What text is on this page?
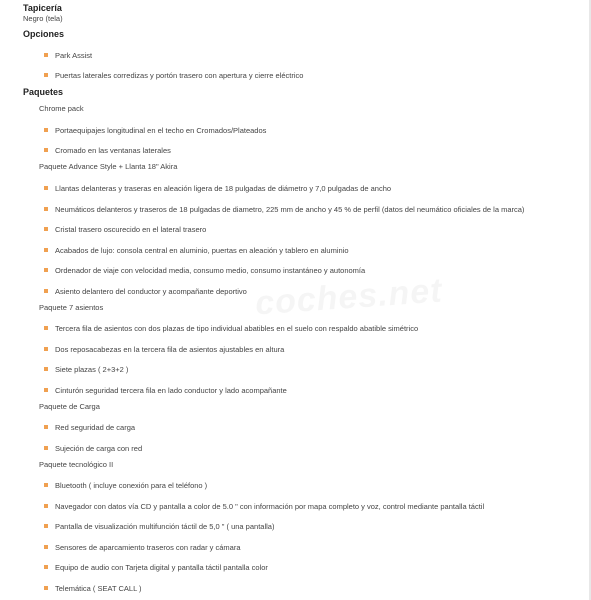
Tapicería
Negro (tela)
Opciones
Park Assist
Puertas laterales corredizas y portón trasero con apertura y cierre eléctrico
Paquetes
Chrome pack
Portaequipajes longitudinal en el techo en Cromados/Plateados
Cromado en las ventanas laterales
Paquete Advance Style + Llanta 18" Akira
Llantas delanteras y traseras en aleación ligera de 18 pulgadas de diámetro y 7,0 pulgadas de ancho
Neumáticos delanteros y traseros de 18 pulgadas de diametro, 225 mm de ancho y 45 % de perfil (datos del neumático oficiales de la marca)
Cristal trasero oscurecido en el lateral trasero
Acabados de lujo: consola central en aluminio, puertas en aleación y tablero en aluminio
Ordenador de viaje con velocidad media, consumo medio, consumo instantáneo y autonomía
Asiento delantero del conductor y acompañante deportivo
Paquete 7 asientos
Tercera fila de asientos con dos plazas de tipo individual abatibles en el suelo con respaldo abatible simétrico
Dos reposacabezas en la tercera fila de asientos ajustables en altura
Siete plazas ( 2+3+2 )
Cinturón seguridad tercera fila en lado conductor y lado acompañante
Paquete de Carga
Red seguridad de carga
Sujeción de carga con red
Paquete tecnológico II
Bluetooth ( incluye conexión para el teléfono )
Navegador con datos vía CD y pantalla a color de 5.0 " con información por mapa completo y voz, control mediante pantalla táctil
Pantalla de visualización multifunción táctil de 5,0 " ( una pantalla)
Sensores de aparcamiento traseros con radar y cámara
Equipo de audio con Tarjeta digital y pantalla táctil pantalla color
Telemática ( SEAT CALL )
